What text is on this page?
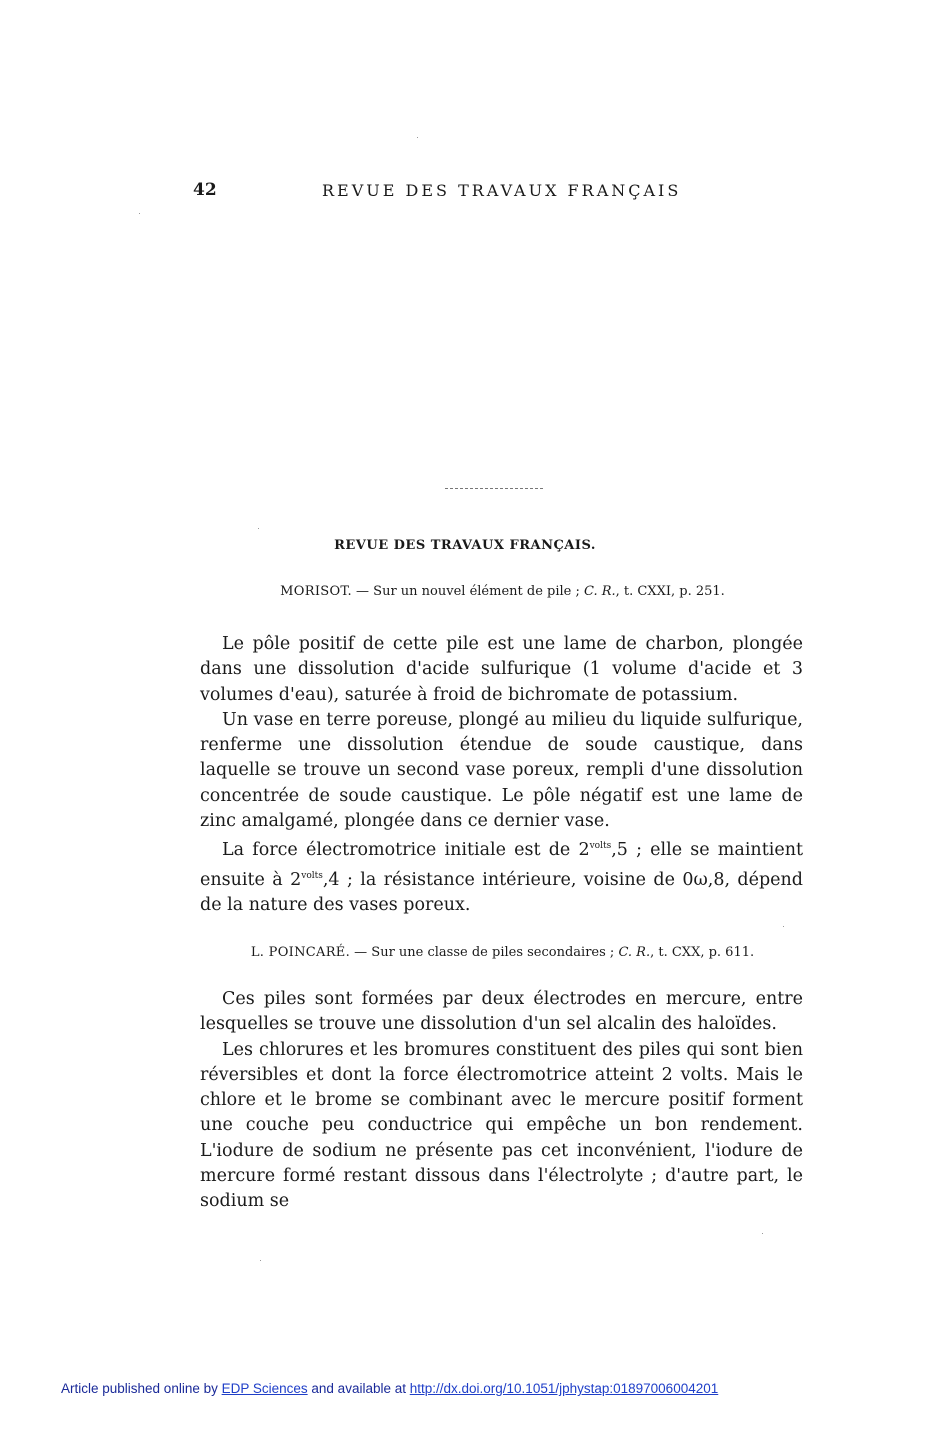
42	REVUE DES TRAVAUX FRANÇAIS
REVUE DES TRAVAUX FRANÇAIS.
MORISOT. — Sur un nouvel élément de pile ; C. R., t. CXXI, p. 251.

Le pôle positif de cette pile est une lame de charbon, plongée dans une dissolution d'acide sulfurique (1 volume d'acide et 3 volumes d'eau), saturée à froid de bichromate de potassium.

Un vase en terre poreuse, plongé au milieu du liquide sulfurique, renferme une dissolution étendue de soude caustique, dans laquelle se trouve un second vase poreux, rempli d'une dissolution concentrée de soude caustique. Le pôle négatif est une lame de zinc amalgamé, plongée dans ce dernier vase.

La force électromotrice initiale est de $2^{volts},5$ ; elle se maintient ensuite à $2^{volts},4$ ; la résistance intérieure, voisine de 0ω,8, dépend de la nature des vases poreux.

L. POINCARÉ. — Sur une classe de piles secondaires ; C. R., t. CXX, p. 611.

Ces piles sont formées par deux électrodes en mercure, entre lesquelles se trouve une dissolution d'un sel alcalin des haloïdes.

Les chlorures et les bromures constituent des piles qui sont bien réversibles et dont la force électromotrice atteint 2 volts. Mais le chlore et le brome se combinant avec le mercure positif forment une couche peu conductrice qui empêche un bon rendement. L'iodure de sodium ne présente pas cet inconvénient, l'iodure de mercure formé restant dissous dans l'électrolyte ; d'autre part, le sodium se

Article published online by EDP Sciences and available at http://dx.doi.org/10.1051/jphystap:01897006004201
